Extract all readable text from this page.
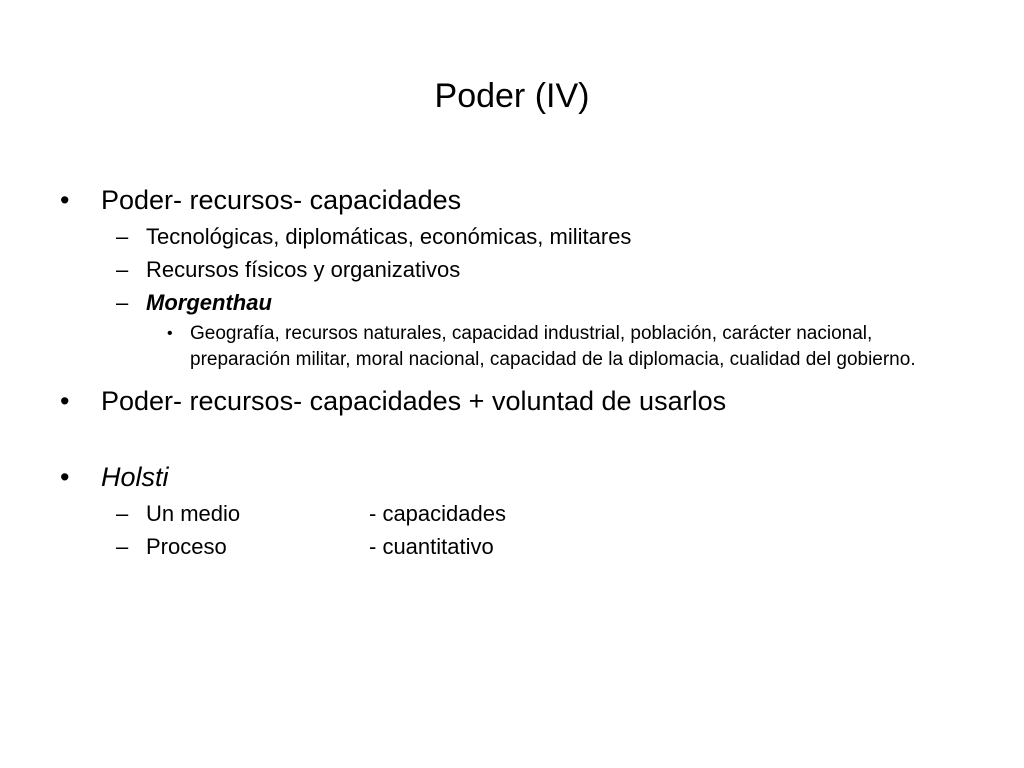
Poder (IV)
• Poder- recursos- capacidades
– Tecnológicas, diplomáticas, económicas, militares
– Recursos físicos y organizativos
– Morgenthau
• Geografía, recursos naturales, capacidad industrial, población, carácter nacional, preparación militar, moral nacional, capacidad de la diplomacia, cualidad del gobierno.
• Poder- recursos- capacidades + voluntad de usarlos
• Holsti
– Un medio	- capacidades
– Proceso	- cuantitativo
